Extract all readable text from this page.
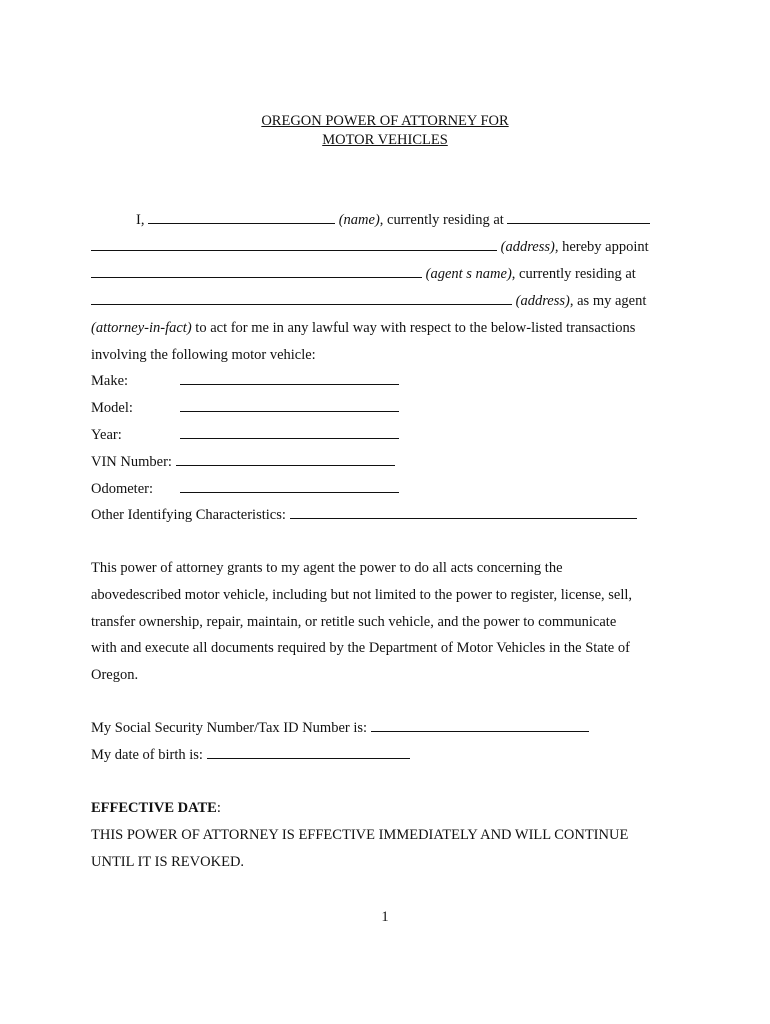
OREGON POWER OF ATTORNEY FOR
MOTOR VEHICLES
I,	(name), currently residing at
(address), hereby appoint
(agent s name), currently residing at
(address), as my agent
(attorney-in-fact) to act for me in any lawful way with respect to the below-listed transactions
involving the following motor vehicle:
Make:
Model:
Year:
VIN Number:
Odometer:
Other Identifying Characteristics:
This power of attorney grants to my agent the power to do all acts concerning the
abovedescribed motor vehicle, including but not limited to the power to register, license, sell,
transfer ownership, repair, maintain, or retitle such vehicle, and the power to communicate
with and execute all documents required by the Department of Motor Vehicles in the State of
Oregon.
My Social Security Number/Tax ID Number is:
My date of birth is:
EFFECTIVE DATE:
THIS POWER OF ATTORNEY IS EFFECTIVE IMMEDIATELY AND WILL CONTINUE
UNTIL IT IS REVOKED.
1
